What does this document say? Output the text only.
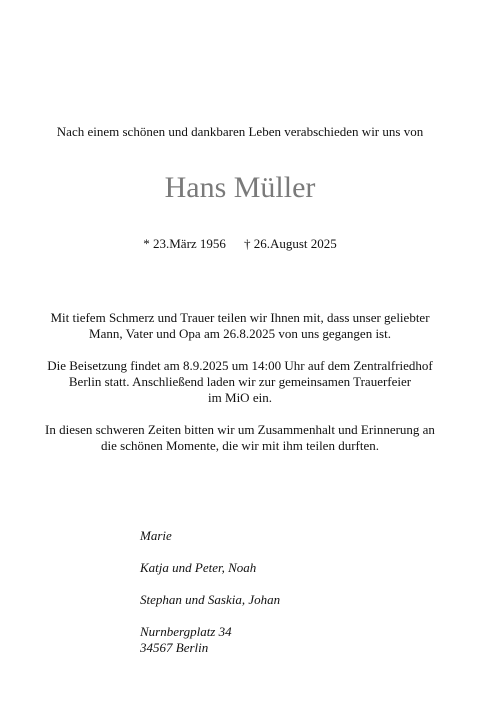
Nach einem schönen und dankbaren Leben verabschieden wir uns von
Hans Müller
* 23.März 1956 † 26.August 2025

Mit tiefem Schmerz und Trauer teilen wir Ihnen mit, dass unser geliebter
Mann, Vater und Opa am 26.8.2025 von uns gegangen ist.

Die Beisetzung findet am 8.9.2025 um 14:00 Uhr auf dem Zentralfriedhof
Berlin statt. Anschließend laden wir zur gemeinsamen Trauerfeier
im MiO ein.

In diesen schweren Zeiten bitten wir um Zusammenhalt und Erinnerung an
die schönen Momente, die wir mit ihm teilen durften.

Marie

Katja und Peter, Noah

Stephan und Saskia, Johan

Nurnbergplatz 34
34567 Berlin
